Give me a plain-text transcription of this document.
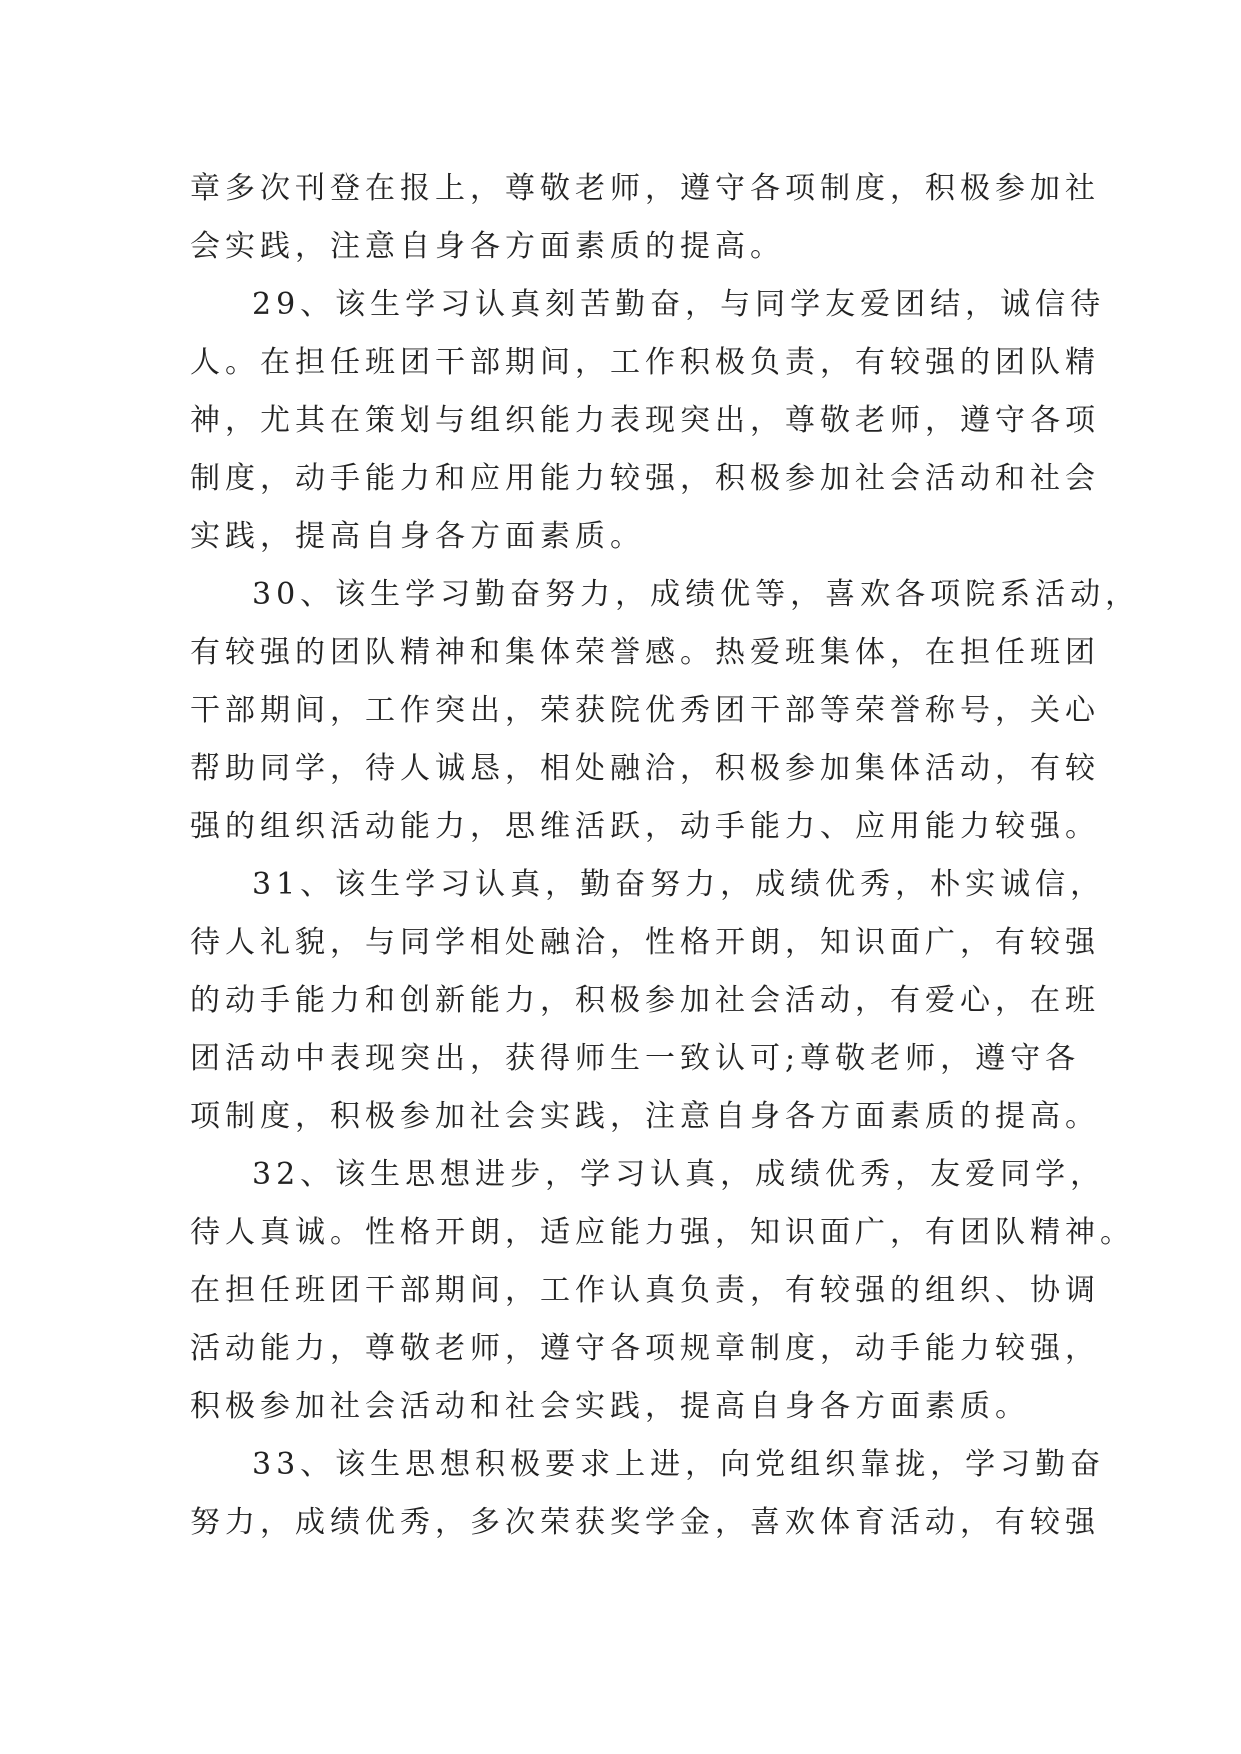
章多次刊登在报上，尊敬老师，遵守各项制度，积极参加社
会实践，注意自身各方面素质的提高。
29、该生学习认真刻苦勤奋，与同学友爱团结，诚信待
人。在担任班团干部期间，工作积极负责，有较强的团队精
神，尤其在策划与组织能力表现突出，尊敬老师，遵守各项
制度，动手能力和应用能力较强，积极参加社会活动和社会
实践，提高自身各方面素质。
30、该生学习勤奋努力，成绩优等，喜欢各项院系活动，
有较强的团队精神和集体荣誉感。热爱班集体，在担任班团
干部期间，工作突出，荣获院优秀团干部等荣誉称号，关心
帮助同学，待人诚恳，相处融洽，积极参加集体活动，有较
强的组织活动能力，思维活跃，动手能力、应用能力较强。
31、该生学习认真，勤奋努力，成绩优秀，朴实诚信，
待人礼貌，与同学相处融洽，性格开朗，知识面广，有较强
的动手能力和创新能力，积极参加社会活动，有爱心，在班
团活动中表现突出，获得师生一致认可;尊敬老师，遵守各
项制度，积极参加社会实践，注意自身各方面素质的提高。
32、该生思想进步，学习认真，成绩优秀，友爱同学，
待人真诚。性格开朗，适应能力强，知识面广，有团队精神。
在担任班团干部期间，工作认真负责，有较强的组织、协调
活动能力，尊敬老师，遵守各项规章制度，动手能力较强，
积极参加社会活动和社会实践，提高自身各方面素质。
33、该生思想积极要求上进，向党组织靠拢，学习勤奋
努力，成绩优秀，多次荣获奖学金，喜欢体育活动，有较强
